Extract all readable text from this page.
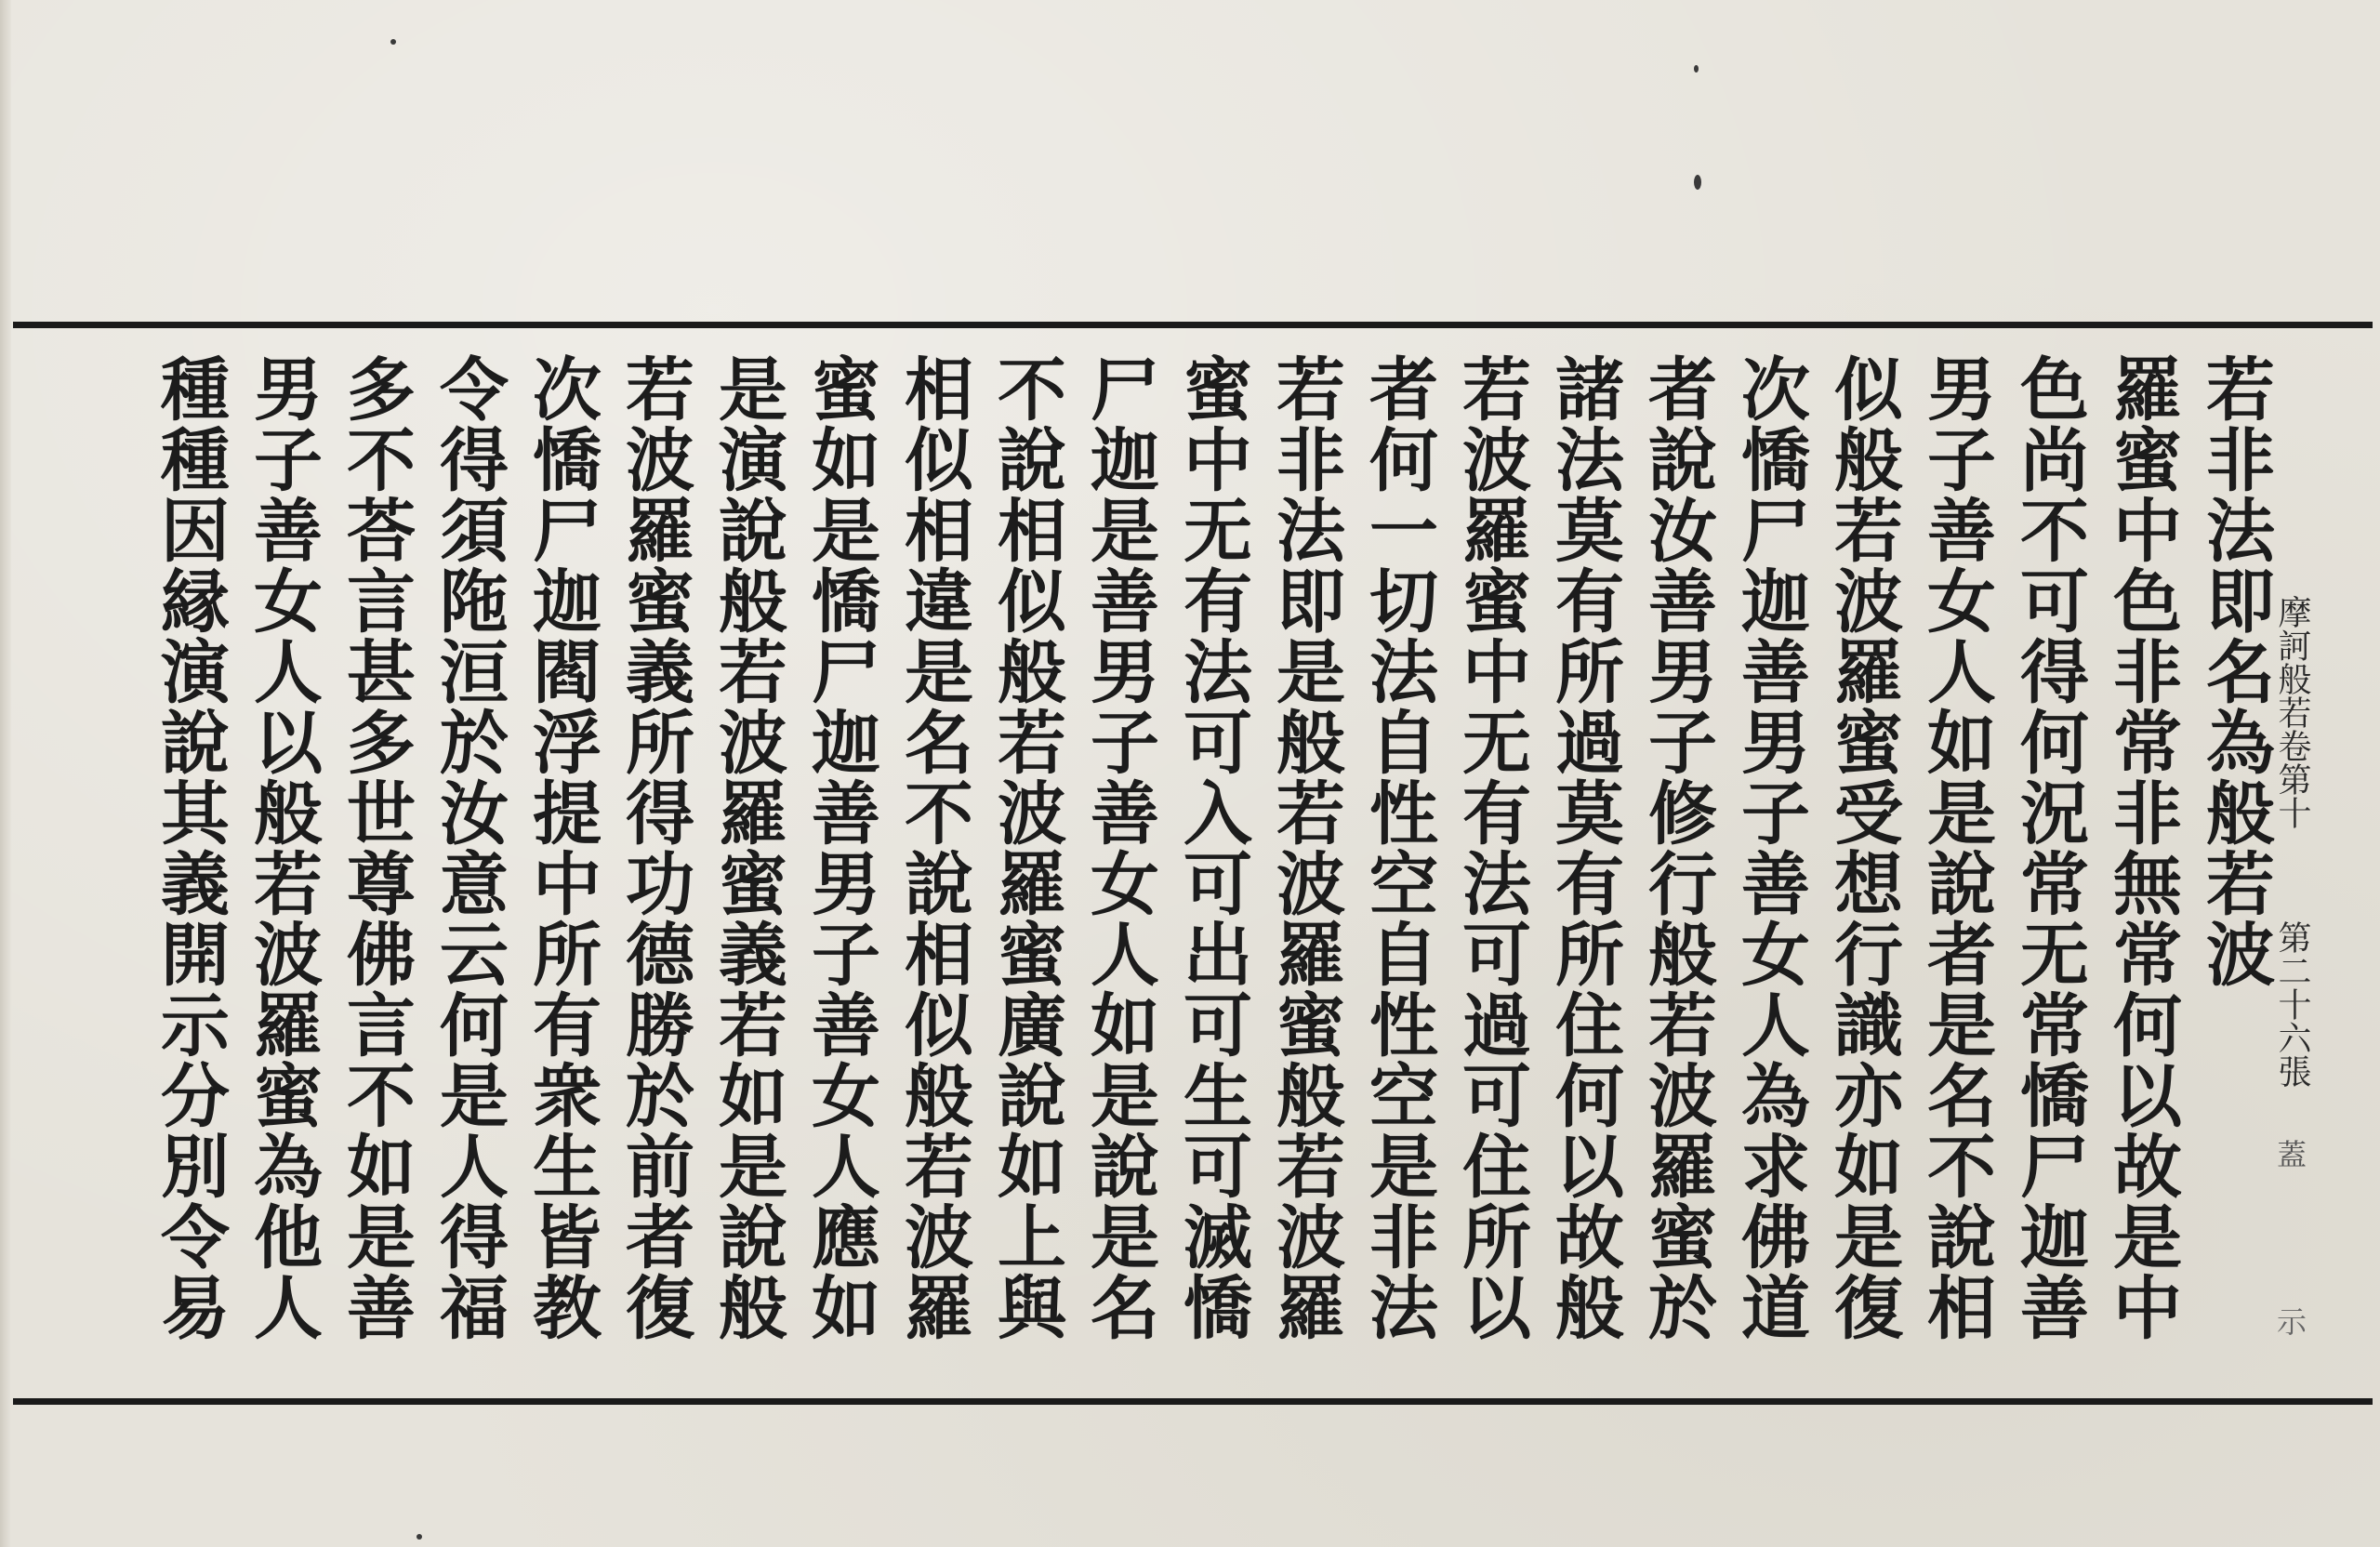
摩訶般若卷第十
第二十六張
蓋
示
若非法即名為般若波
羅蜜中色非常非無常何以故是中
色尚不可得何況常无常憍尸迦善
男子善女人如是說者是名不說相
似般若波羅蜜受想行識亦如是復
次憍尸迦善男子善女人為求佛道
者說汝善男子修行般若波羅蜜於
諸法莫有所過莫有所住何以故般
若波羅蜜中无有法可過可住所以
者何一切法自性空自性空是非法
若非法即是般若波羅蜜般若波羅
蜜中无有法可入可出可生可滅憍
尸迦是善男子善女人如是說是名
不說相似般若波羅蜜廣說如上與
相似相違是名不說相似般若波羅
蜜如是憍尸迦善男子善女人應如
是演說般若波羅蜜義若如是說般
若波羅蜜義所得功德勝於前者復
次憍尸迦閻浮提中所有衆生皆教
令得須陁洹於汝意云何是人得福
多不荅言甚多世尊佛言不如是善
男子善女人以般若波羅蜜為他人
種種因縁演說其義開示分別令易
